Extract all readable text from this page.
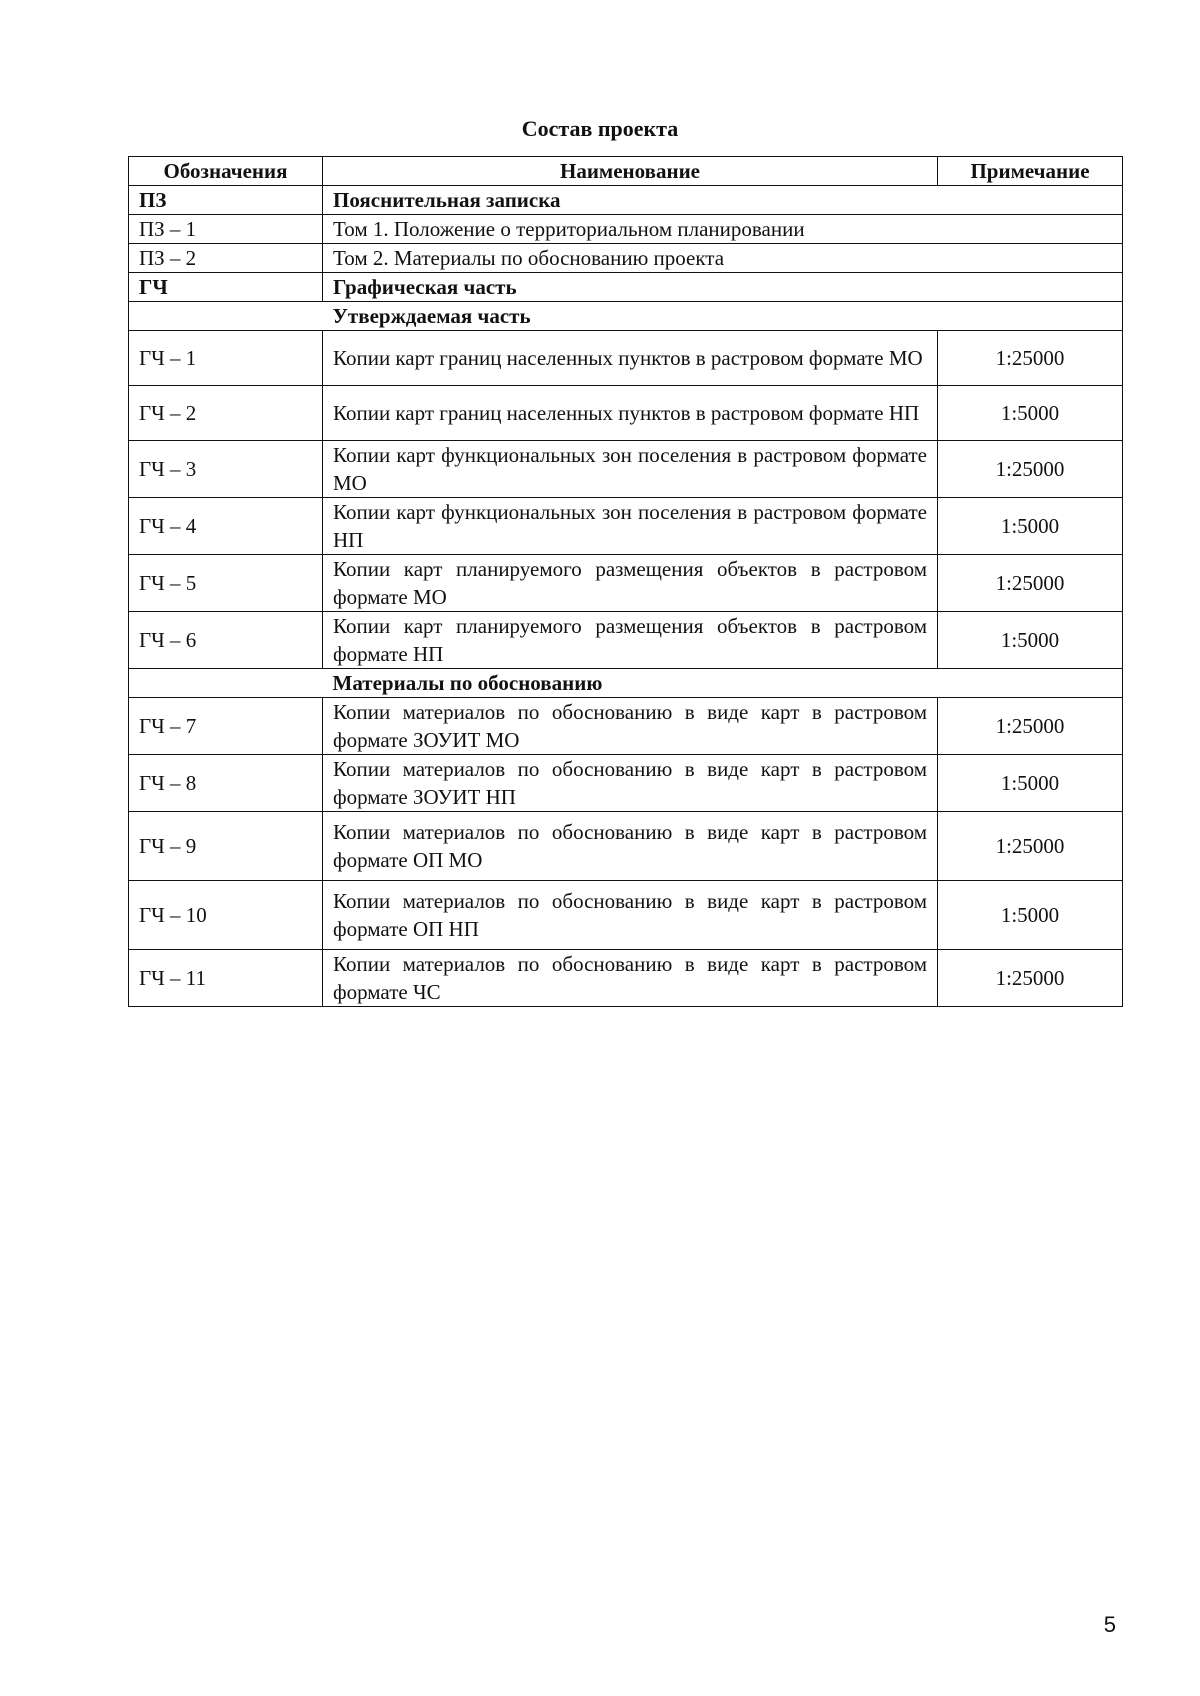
Состав проекта
Обозначения	Наименование	Примечание
ПЗ	Пояснительная записка	
ПЗ – 1	Том 1. Положение о территориальном планировании	
ПЗ – 2	Том 2. Материалы по обоснованию проекта	
ГЧ	Графическая часть	
	Утверждаемая часть	
ГЧ – 1	Копии карт границ населенных пунктов в растровом формате МО	1:25000
ГЧ – 2	Копии карт границ населенных пунктов в растровом формате НП	1:5000
ГЧ – 3	Копии карт функциональных зон поселения в растровом формате МО	1:25000
ГЧ – 4	Копии карт функциональных зон поселения в растровом формате НП	1:5000
ГЧ – 5	Копии карт планируемого размещения объектов в растровом формате МО	1:25000
ГЧ – 6	Копии карт планируемого размещения объектов в растровом формате НП	1:5000
	Материалы по обоснованию	
ГЧ – 7	Копии материалов по обоснованию в виде карт в растровом формате ЗОУИТ МО	1:25000
ГЧ – 8	Копии материалов по обоснованию в виде карт в растровом формате ЗОУИТ НП	1:5000
ГЧ – 9	Копии материалов по обоснованию в виде карт в растровом формате ОП МО	1:25000
ГЧ – 10	Копии материалов по обоснованию в виде карт в растровом формате ОП НП	1:5000
ГЧ – 11	Копии материалов по обоснованию в виде карт в растровом формате ЧС	1:25000
5
